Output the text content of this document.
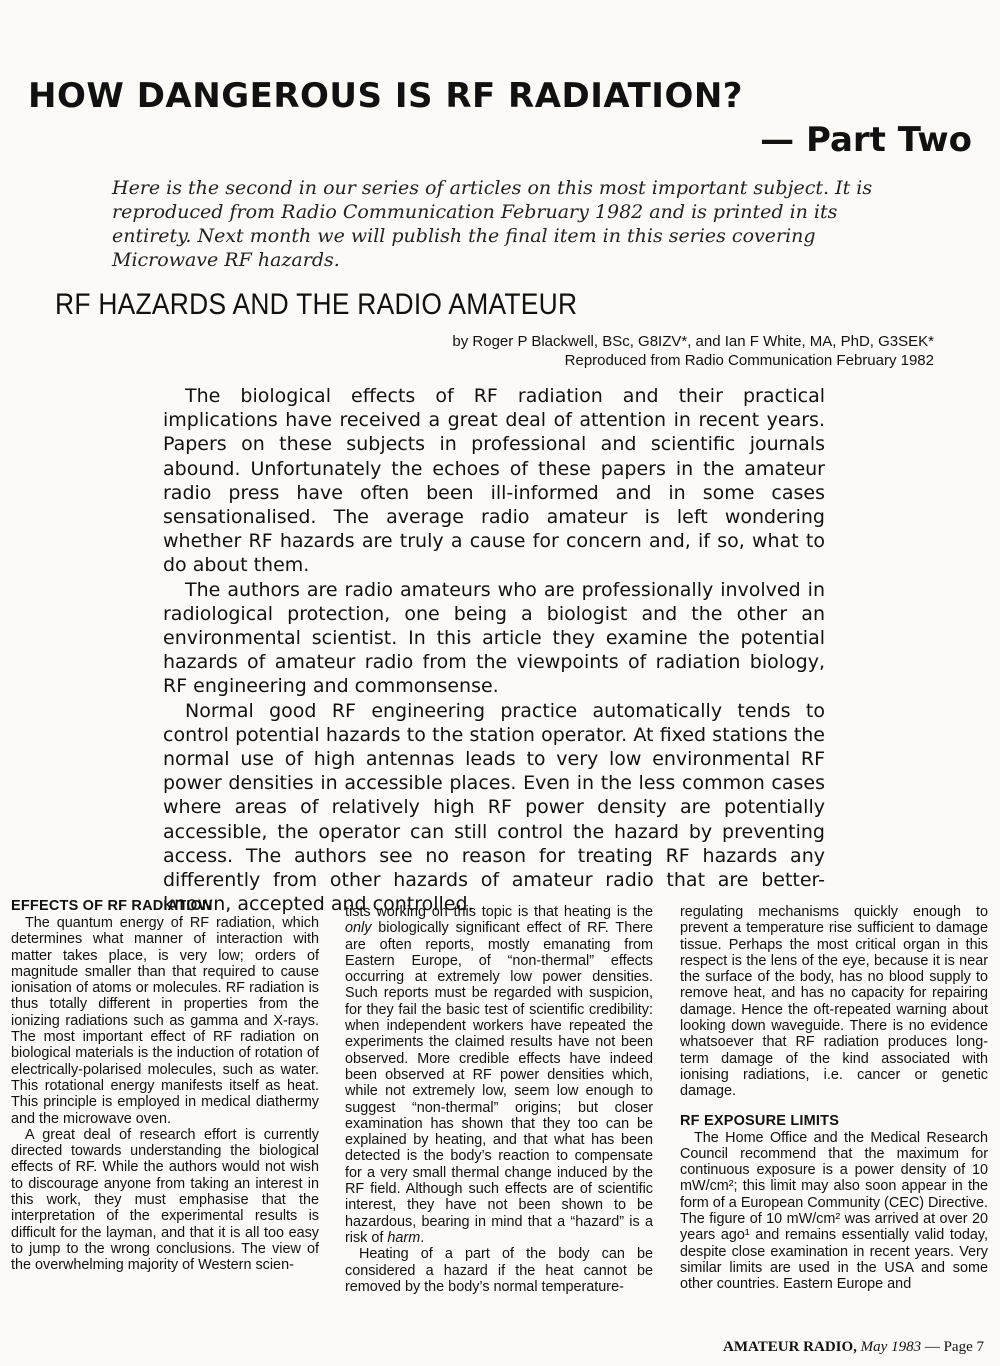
HOW DANGEROUS IS RF RADIATION?
— Part Two
Here is the second in our series of articles on this most important subject. It is reproduced from Radio Communication February 1982 and is printed in its entirety. Next month we will publish the final item in this series covering Microwave RF hazards.
RF HAZARDS AND THE RADIO AMATEUR
by Roger P Blackwell, BSc, G8IZV*, and Ian F White, MA, PhD, G3SEK*
Reproduced from Radio Communication February 1982

The biological effects of RF radiation and their practical implications have received a great deal of attention in recent years. Papers on these subjects in professional and scientific journals abound. Unfortunately the echoes of these papers in the amateur radio press have often been ill-informed and in some cases sensationalised. The average radio amateur is left wondering whether RF hazards are truly a cause for concern and, if so, what to do about them.

The authors are radio amateurs who are professionally involved in radiological protection, one being a biologist and the other an environmental scientist. In this article they examine the potential hazards of amateur radio from the viewpoints of radiation biology, RF engineering and commonsense.

Normal good RF engineering practice automatically tends to control potential hazards to the station operator. At fixed stations the normal use of high antennas leads to very low environmental RF power densities in accessible places. Even in the less common cases where areas of relatively high RF power density are potentially accessible, the operator can still control the hazard by preventing access. The authors see no reason for treating RF hazards any differently from other hazards of amateur radio that are better-known, accepted and controlled.

EFFECTS OF RF RADIATION

The quantum energy of RF radiation, which determines what manner of interaction with matter takes place, is very low; orders of magnitude smaller than that required to cause ionisation of atoms or molecules. RF radiation is thus totally different in properties from the ionizing radiations such as gamma and X-rays. The most important effect of RF radiation on biological materials is the induction of rotation of electrically-polarised molecules, such as water. This rotational energy manifests itself as heat. This principle is employed in medical diathermy and the microwave oven.

A great deal of research effort is currently directed towards understanding the biological effects of RF. While the authors would not wish to discourage anyone from taking an interest in this work, they must emphasise that the interpretation of the experimental results is difficult for the layman, and that it is all too easy to jump to the wrong conclusions. The view of the overwhelming majority of Western scien-

tists working on this topic is that heating is the only biologically significant effect of RF. There are often reports, mostly emanating from Eastern Europe, of “non-thermal” effects occurring at extremely low power densities. Such reports must be regarded with suspicion, for they fail the basic test of scientific credibility: when independent workers have repeated the experiments the claimed results have not been observed. More credible effects have indeed been observed at RF power densities which, while not extremely low, seem low enough to suggest “non-thermal” origins; but closer examination has shown that they too can be explained by heating, and that what has been detected is the body’s reaction to compensate for a very small thermal change induced by the RF field. Although such effects are of scientific interest, they have not been shown to be hazardous, bearing in mind that a “hazard” is a risk of harm.

Heating of a part of the body can be considered a hazard if the heat cannot be removed by the body’s normal temperature-

regulating mechanisms quickly enough to prevent a temperature rise sufficient to damage tissue. Perhaps the most critical organ in this respect is the lens of the eye, because it is near the surface of the body, has no blood supply to remove heat, and has no capacity for repairing damage. Hence the oft-repeated warning about looking down waveguide. There is no evidence whatsoever that RF radiation produces long-term damage of the kind associated with ionising radiations, i.e. cancer or genetic damage.

RF EXPOSURE LIMITS

The Home Office and the Medical Research Council recommend that the maximum for continuous exposure is a power density of 10 mW/cm²; this limit may also soon appear in the form of a European Community (CEC) Directive. The figure of 10 mW/cm² was arrived at over 20 years ago¹ and remains essentially valid today, despite close examination in recent years. Very similar limits are used in the USA and some other countries. Eastern Europe and

AMATEUR RADIO, May 1983 — Page 7
